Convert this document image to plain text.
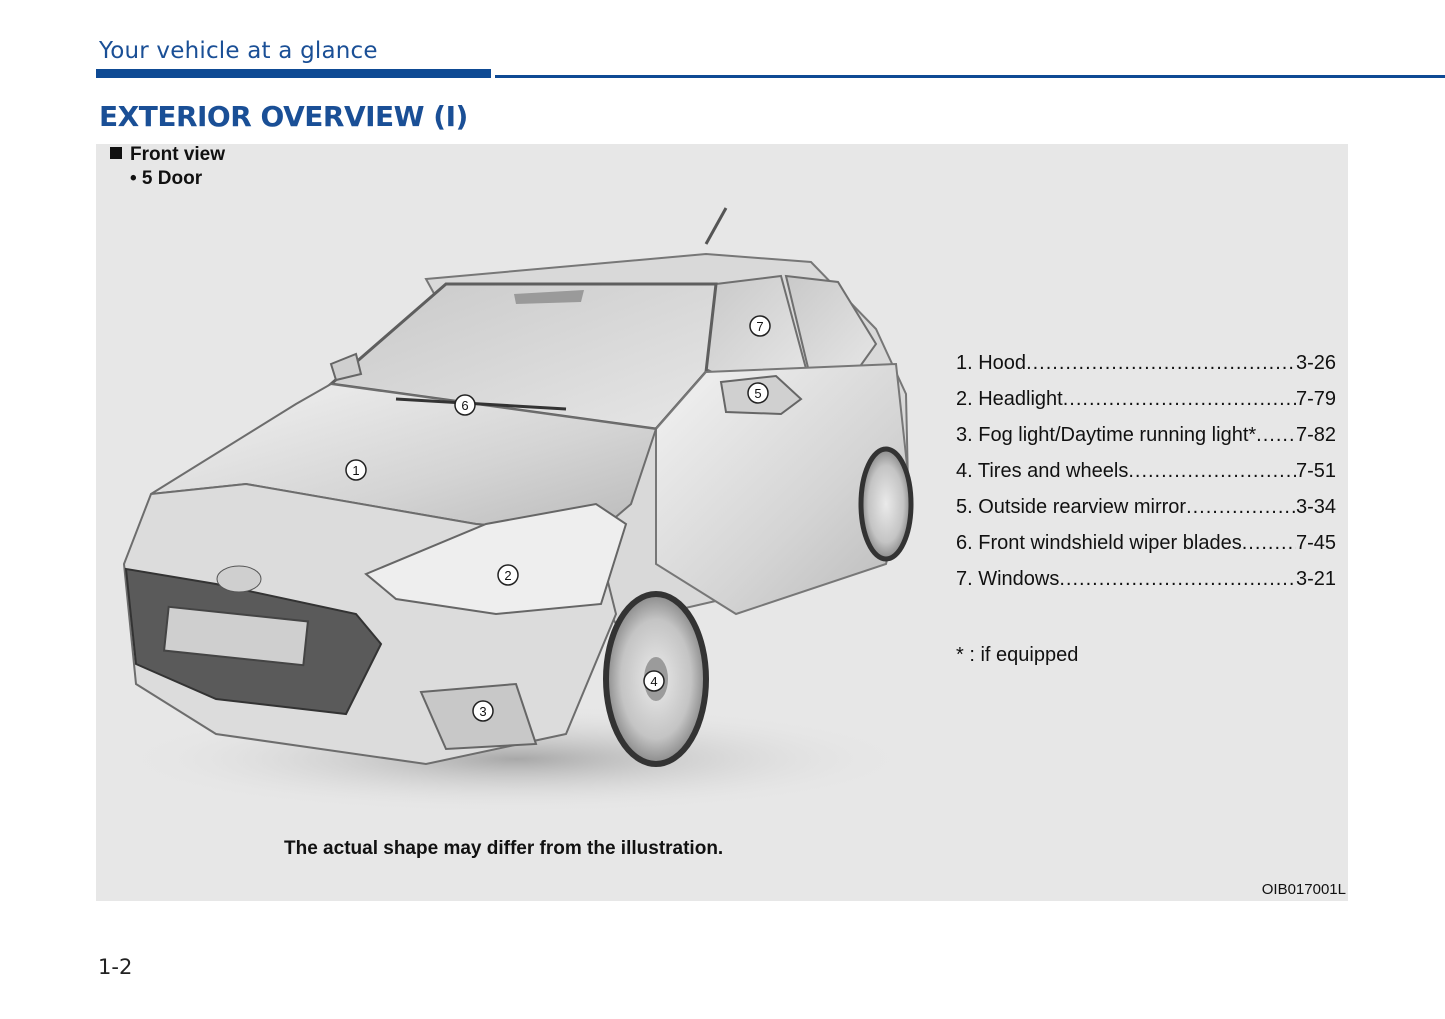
Your vehicle at a glance
EXTERIOR OVERVIEW (I)
Front view
• 5 Door
1
2
3
4
5
6
7
1. Hood .....	3-26
2. Headlight .....	7-79
3. Fog light/Daytime running light* ..... 7-82
4. Tires and wheels .....	7-51
5. Outside rearview mirror .....	3-34
6. Front windshield wiper blades .....	7-45
7. Windows .....	3-21
* : if equipped
The actual shape may differ from the illustration.
OIB017001L
1-2
